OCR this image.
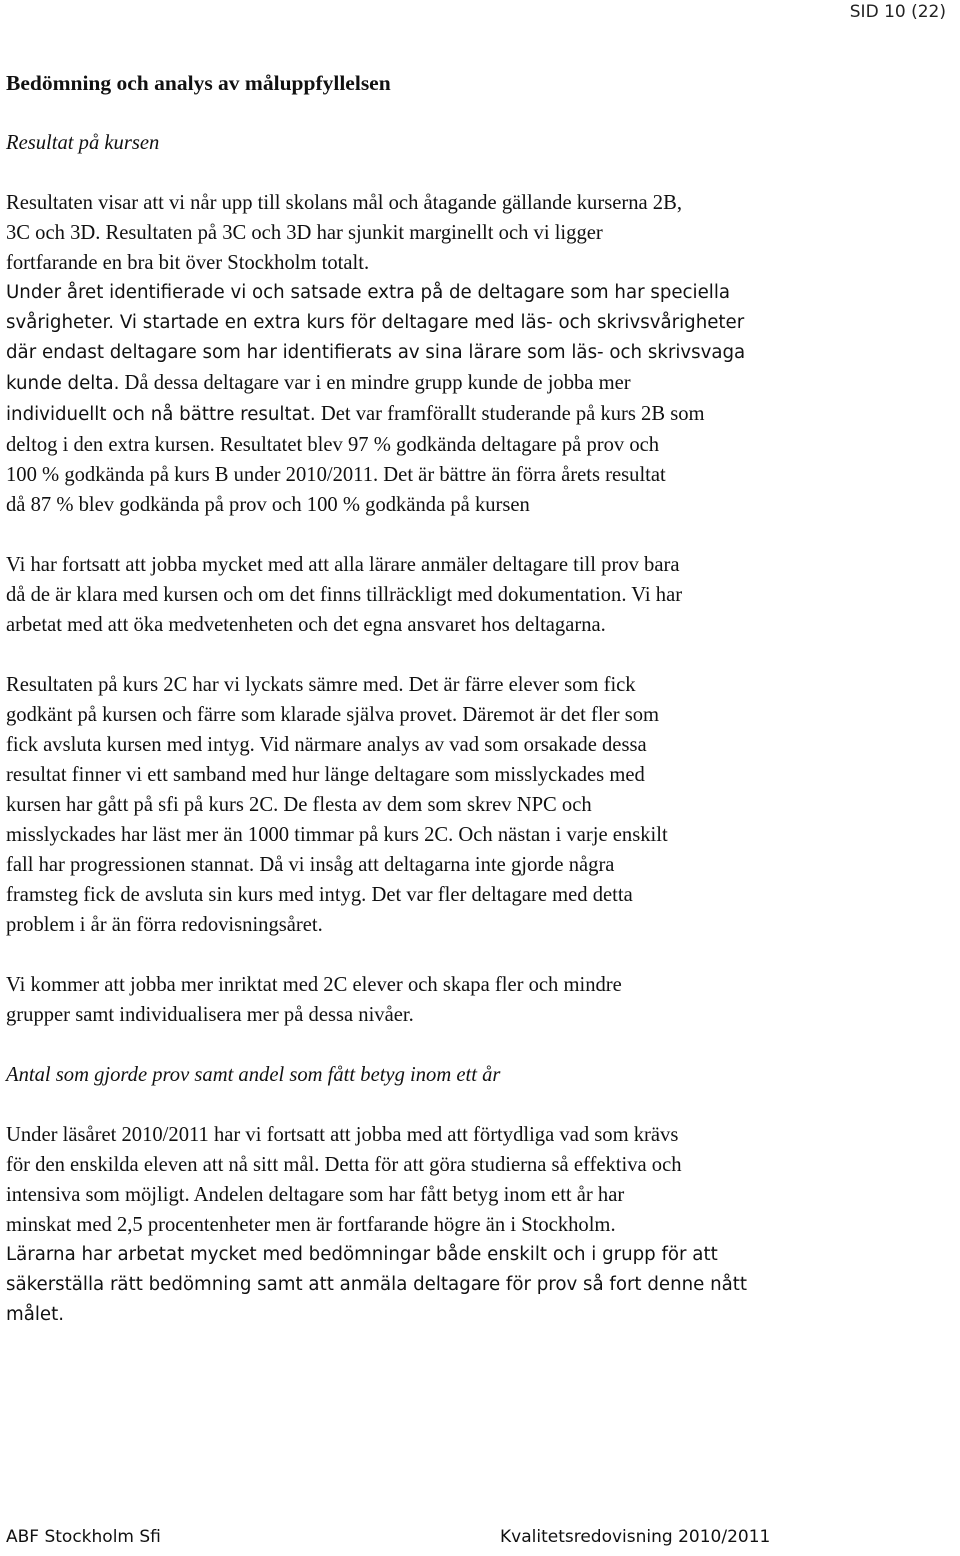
SID 10 (22)
Bedömning och analys av måluppfyllelsen
Resultat på kursen
Resultaten visar att vi når upp till skolans mål och åtagande gällande kurserna 2B,
3C och 3D. Resultaten på 3C och 3D har sjunkit marginellt och vi ligger
fortfarande en bra bit över Stockholm totalt.
Under året identifierade vi och satsade extra på de deltagare som har speciella
svårigheter. Vi startade en extra kurs för deltagare med läs- och skrivsvårigheter
där endast deltagare som har identifierats av sina lärare som läs- och skrivsvaga
kunde delta. Då dessa deltagare var i en mindre grupp kunde de jobba mer
individuellt och nå bättre resultat. Det var framförallt studerande på kurs 2B som
deltog i den extra kursen. Resultatet blev 97 % godkända deltagare på prov och
100 % godkända på kurs B under 2010/2011. Det är bättre än förra årets resultat
då 87 % blev godkända på prov och 100 % godkända på kursen
Vi har fortsatt att jobba mycket med att alla lärare anmäler deltagare till prov bara
då de är klara med kursen och om det finns tillräckligt med dokumentation. Vi har
arbetat med att öka medvetenheten och det egna ansvaret hos deltagarna.
Resultaten på kurs 2C har vi lyckats sämre med. Det är färre elever som fick
godkänt på kursen och färre som klarade själva provet. Däremot är det fler som
fick avsluta kursen med intyg. Vid närmare analys av vad som orsakade dessa
resultat finner vi ett samband med hur länge deltagare som misslyckades med
kursen har gått på sfi på kurs 2C. De flesta av dem som skrev NPC och
misslyckades har läst mer än 1000 timmar på kurs 2C. Och nästan i varje enskilt
fall har progressionen stannat. Då vi insåg att deltagarna inte gjorde några
framsteg fick de avsluta sin kurs med intyg. Det var fler deltagare med detta
problem i år än förra redovisningsåret.
Vi kommer att jobba mer inriktat med 2C elever och skapa fler och mindre
grupper samt individualisera mer på dessa nivåer.
Antal som gjorde prov samt andel som fått betyg inom ett år
Under läsåret 2010/2011 har vi fortsatt att jobba med att förtydliga vad som krävs
för den enskilda eleven att nå sitt mål. Detta för att göra studierna så effektiva och
intensiva som möjligt. Andelen deltagare som har fått betyg inom ett år har
minskat med 2,5 procentenheter men är fortfarande högre än i Stockholm.
Lärarna har arbetat mycket med bedömningar både enskilt och i grupp för att
säkerställa rätt bedömning samt att anmäla deltagare för prov så fort denne nått
målet.
ABF Stockholm Sfi	Kvalitetsredovisning 2010/2011
